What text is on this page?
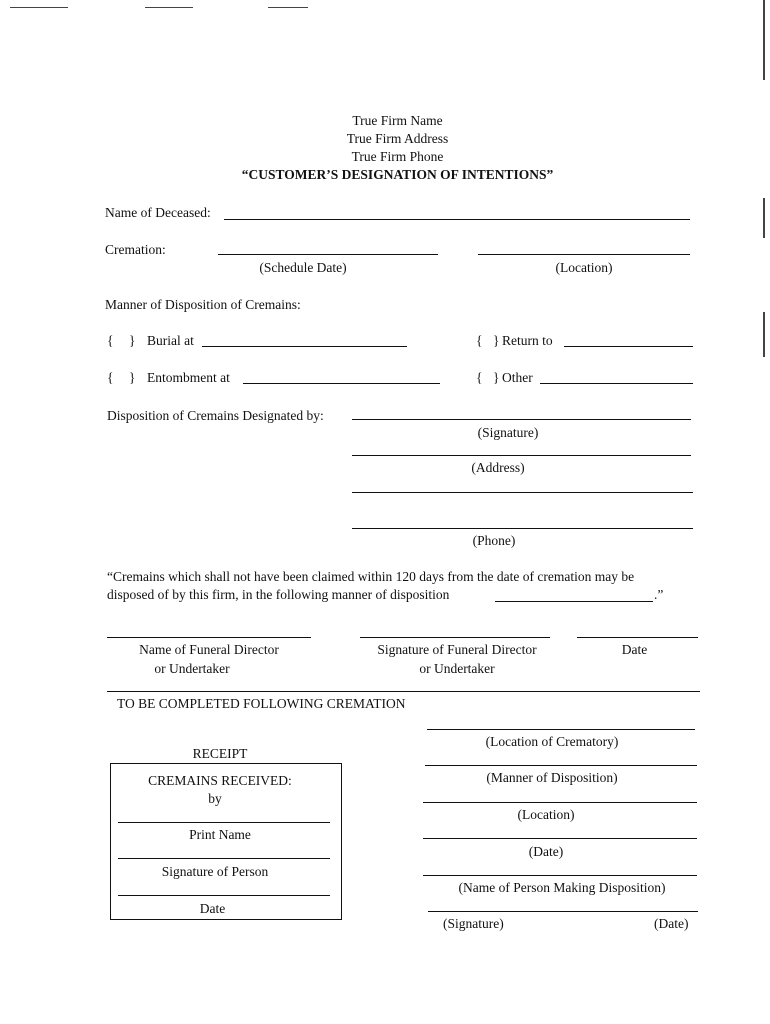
True Firm Name
True Firm Address
True Firm Phone
“CUSTOMER’S DESIGNATION OF INTENTIONS”
Name of Deceased:
Cremation:
(Schedule Date)	(Location)
Manner of Disposition of Cremains:
{ } Burial at	{ } Return to
{ } Entombment at	{ } Other
Disposition of Cremains Designated by:
(Signature)
(Address)
(Phone)
“Cremains which shall not have been claimed within 120 days from the date of cremation may be
disposed of by this firm, in the following manner of disposition	.”
Name of Funeral Director
or Undertaker
Signature of Funeral Director
or Undertaker
Date
TO BE COMPLETED FOLLOWING CREMATION
RECEIPT
CREMAINS RECEIVED:
by
Print Name
Signature of Person
Date
(Location of Crematory)
(Manner of Disposition)
(Location)
(Date)
(Name of Person Making Disposition)
(Signature)	(Date)
